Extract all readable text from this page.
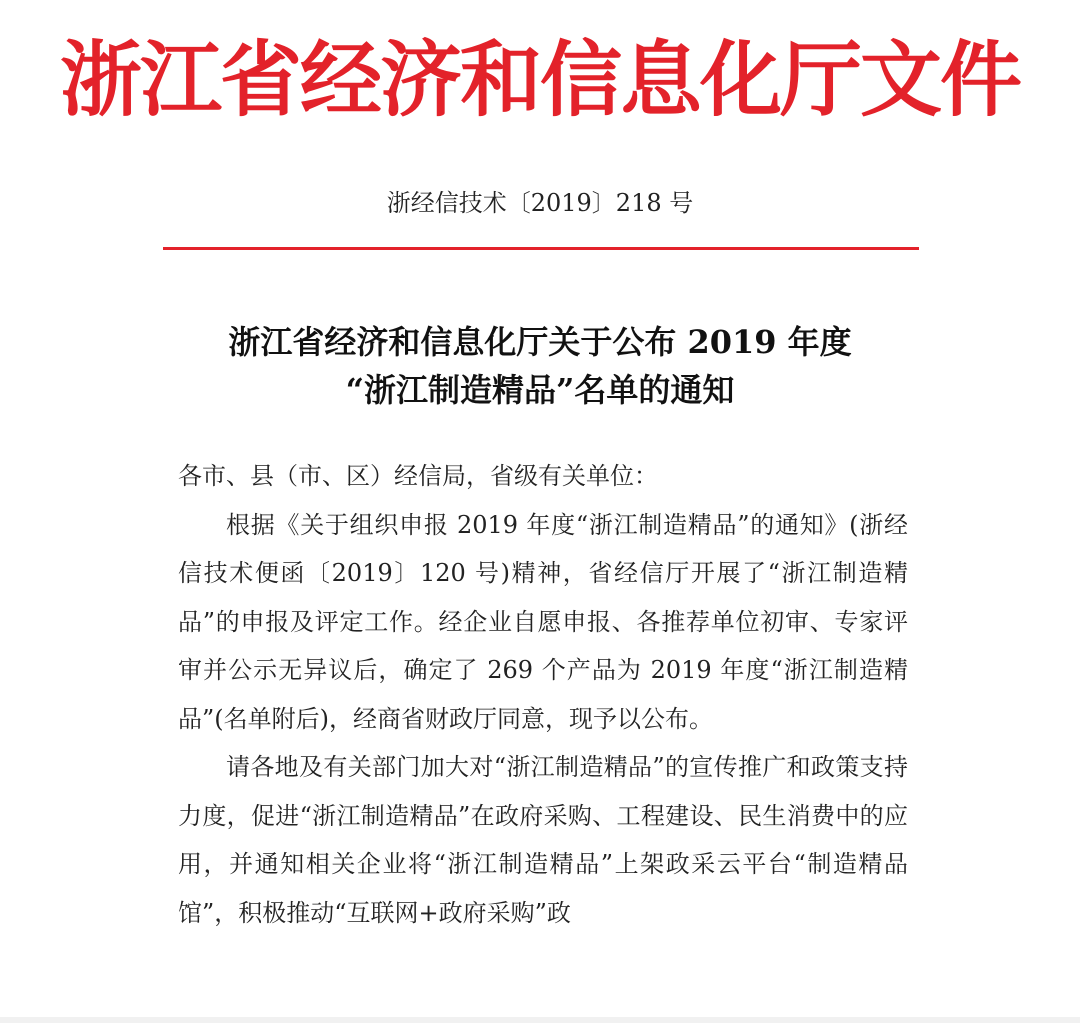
浙江省经济和信息化厅文件
浙经信技术〔2019〕218 号
浙江省经济和信息化厅关于公布 2019 年度
“浙江制造精品”名单的通知

各市、县（市、区）经信局，省级有关单位：

根据《关于组织申报 2019 年度“浙江制造精品”的通知》(浙经信技术便函〔2019〕120 号)精神，省经信厅开展了“浙江制造精品”的申报及评定工作。经企业自愿申报、各推荐单位初审、专家评审并公示无异议后，确定了 269 个产品为 2019 年度“浙江制造精品”(名单附后)，经商省财政厅同意，现予以公布。

请各地及有关部门加大对“浙江制造精品”的宣传推广和政策支持力度，促进“浙江制造精品”在政府采购、工程建设、民生消费中的应用，并通知相关企业将“浙江制造精品”上架政采云平台“制造精品馆”，积极推动“互联网+政府采购”政
